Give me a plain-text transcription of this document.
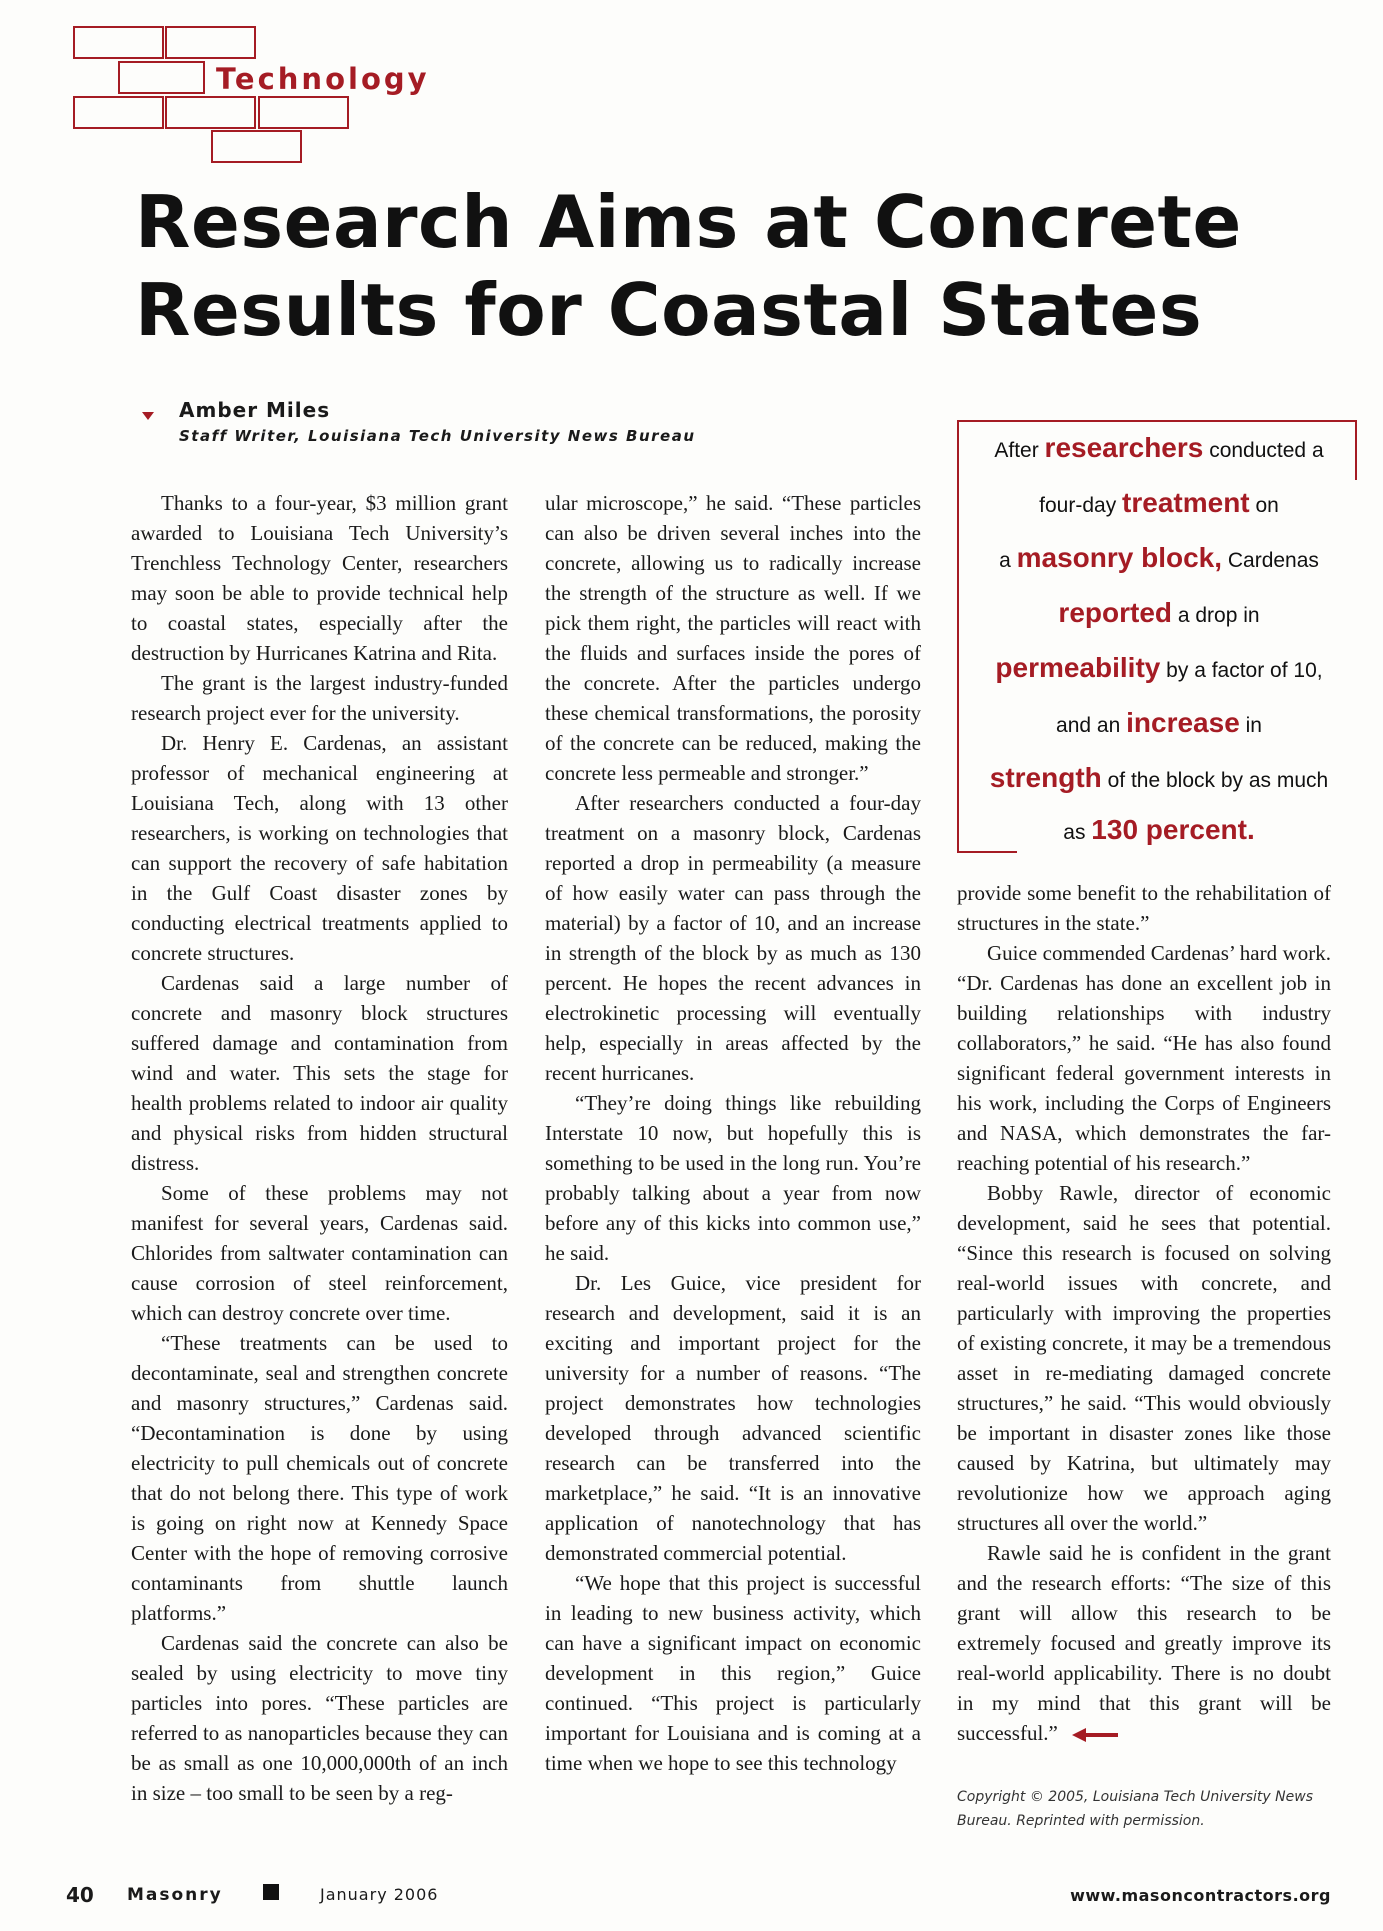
Technology
Research Aims at Concrete Results for Coastal States
Amber Miles
Staff Writer, Louisiana Tech University News Bureau

Thanks to a four-year, $3 million grant awarded to Louisiana Tech University’s Trenchless Technology Center, researchers may soon be able to provide technical help to coastal states, especially after the destruction by Hurricanes Katrina and Rita.

The grant is the largest industry-funded research project ever for the university.

Dr. Henry E. Cardenas, an assistant professor of mechanical engineering at Louisiana Tech, along with 13 other researchers, is working on technologies that can support the recovery of safe habitation in the Gulf Coast disaster zones by conducting electrical treatments applied to concrete structures.

Cardenas said a large number of concrete and masonry block structures suffered damage and contamination from wind and water. This sets the stage for health problems related to indoor air quality and physical risks from hidden structural distress.

Some of these problems may not manifest for several years, Cardenas said. Chlorides from saltwater contamination can cause corrosion of steel reinforcement, which can destroy concrete over time.

“These treatments can be used to decontaminate, seal and strengthen concrete and masonry structures,” Cardenas said. “Decontamination is done by using electricity to pull chemicals out of concrete that do not belong there. This type of work is going on right now at Kennedy Space Center with the hope of removing corrosive contaminants from shuttle launch platforms.”

Cardenas said the concrete can also be sealed by using electricity to move tiny particles into pores. “These particles are referred to as nanoparticles because they can be as small as one 10,000,000th of an inch in size – too small to be seen by a reg-

ular microscope,” he said. “These particles can also be driven several inches into the concrete, allowing us to radically increase the strength of the structure as well. If we pick them right, the particles will react with the fluids and surfaces inside the pores of the concrete. After the particles undergo these chemical transformations, the porosity of the concrete can be reduced, making the concrete less permeable and stronger.”

After researchers conducted a four-day treatment on a masonry block, Cardenas reported a drop in permeability (a measure of how easily water can pass through the material) by a factor of 10, and an increase in strength of the block by as much as 130 percent. He hopes the recent advances in electrokinetic processing will eventually help, especially in areas affected by the recent hurricanes.

“They’re doing things like rebuilding Interstate 10 now, but hopefully this is something to be used in the long run. You’re probably talking about a year from now before any of this kicks into common use,” he said.

Dr. Les Guice, vice president for research and development, said it is an exciting and important project for the university for a number of reasons. “The project demonstrates how technologies developed through advanced scientific research can be transferred into the marketplace,” he said. “It is an innovative application of nanotechnology that has demonstrated commercial potential.

“We hope that this project is successful in leading to new business activity, which can have a significant impact on economic development in this region,” Guice continued. “This project is particularly important for Louisiana and is coming at a time when we hope to see this technology

After researchers conducted a
four-day treatment on
a masonry block, Cardenas
reported a drop in
permeability by a factor of 10,
and an increase in
strength of the block by as much
as 130 percent.

provide some benefit to the rehabilitation of structures in the state.”

Guice commended Cardenas’ hard work. “Dr. Cardenas has done an excellent job in building relationships with industry collaborators,” he said. “He has also found significant federal government interests in his work, including the Corps of Engineers and NASA, which demonstrates the far-reaching potential of his research.”

Bobby Rawle, director of economic development, said he sees that potential. “Since this research is focused on solving real-world issues with concrete, and particularly with improving the properties of existing concrete, it may be a tremendous asset in re-mediating damaged concrete structures,” he said. “This would obviously be important in disaster zones like those caused by Katrina, but ultimately may revolutionize how we approach aging structures all over the world.”

Rawle said he is confident in the grant and the research efforts: “The size of this grant will allow this research to be extremely focused and greatly improve its real-world applicability. There is no doubt in my mind that this grant will be successful.”

Copyright © 2005, Louisiana Tech University News Bureau. Reprinted with permission.
40 Masonry	January 2006	www.masoncontractors.org
